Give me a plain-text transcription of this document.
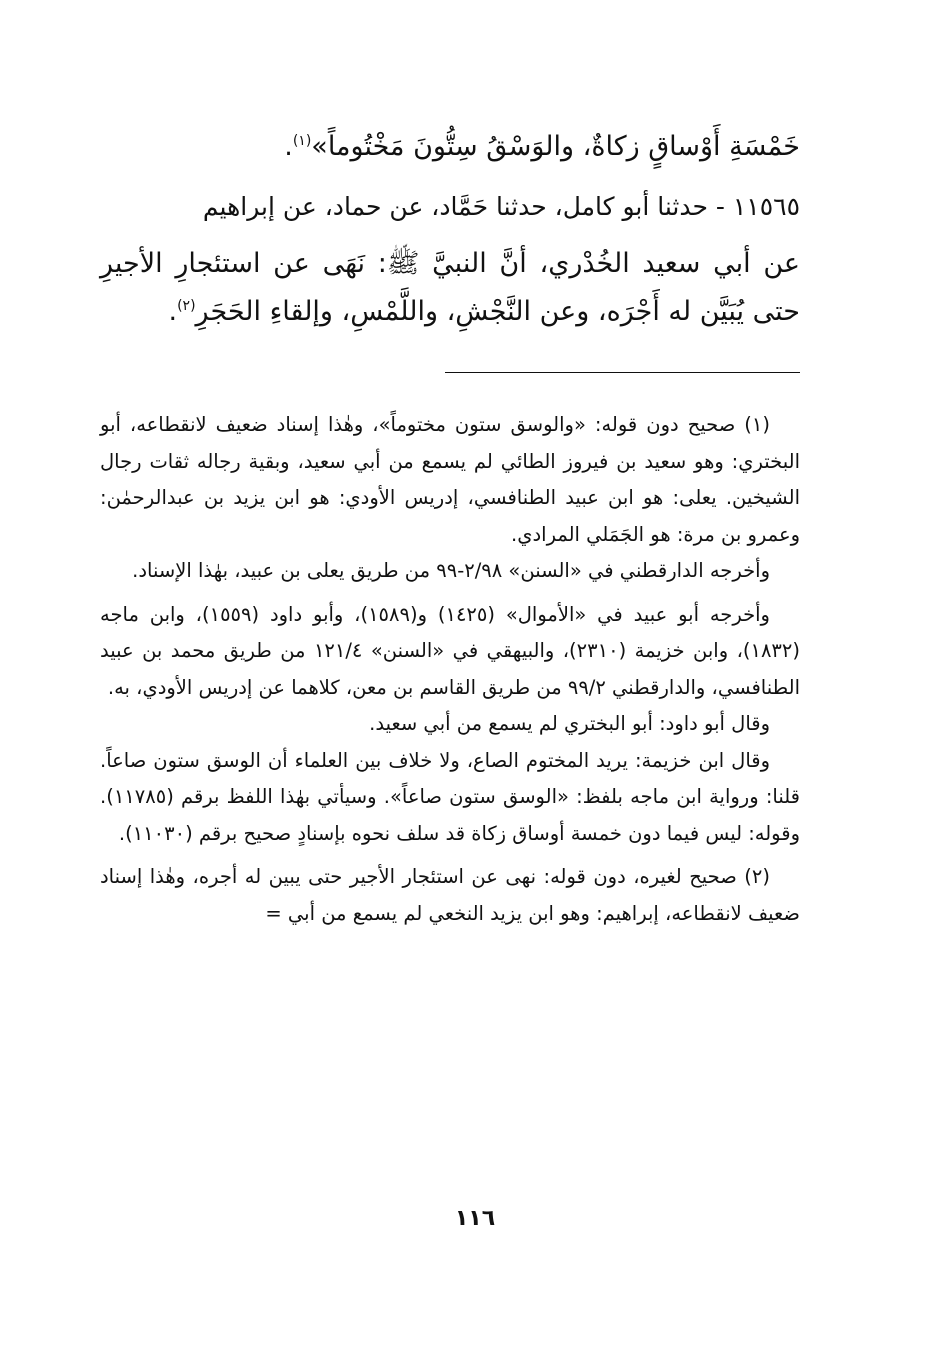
خَمْسَةِ أَوْساقٍ زكاةٌ، والوَسْقُ سِتُّونَ مَخْتُوماً»$^{(١)}$.

١١٥٦٥ - حدثنا أبو كامل، حدثنا حَمَّاد، عن حماد، عن إبراهيم

عن أبي سعيد الخُدْري، أنَّ النبيَّ ﷺ: نَهَى عن استئجارِ الأجيرِ حتى يُبَيَّن له أَجْرَه، وعن النَّجْشِ، واللَّمْسِ، وإلقاءِ الحَجَرِ$^{(٢)}$.

(١) صحيح دون قوله: «والوسق ستون مختوماً»، وهٰذا إسناد ضعيف لانقطاعه، أبو البختري: وهو سعيد بن فيروز الطائي لم يسمع من أبي سعيد، وبقية رجاله ثقات رجال الشيخين. يعلى: هو ابن عبيد الطنافسي، إدريس الأودي: هو ابن يزيد بن عبدالرحمٰن: وعمرو بن مرة: هو الجَمَلي المرادي.

وأخرجه الدارقطني في «السنن» ٢/٩٨-٩٩ من طريق يعلى بن عبيد، بهٰذا الإسناد.

وأخرجه أبو عبيد في «الأموال» (١٤٢٥) و(١٥٨٩)، وأبو داود (١٥٥٩)، وابن ماجه (١٨٣٢)، وابن خزيمة (٢٣١٠)، والبيهقي في «السنن» ١٢١/٤ من طريق محمد بن عبيد الطنافسي، والدارقطني ٩٩/٢ من طريق القاسم بن معن، كلاهما عن إدريس الأودي، به.

وقال أبو داود: أبو البختري لم يسمع من أبي سعيد.

وقال ابن خزيمة: يريد المختوم الصاع، ولا خلاف بين العلماء أن الوسق ستون صاعاً. قلنا: ورواية ابن ماجه بلفظ: «الوسق ستون صاعاً». وسيأتي بهٰذا اللفظ برقم (١١٧٨٥). وقوله: ليس فيما دون خمسة أوساق زكاة قد سلف نحوه بإسنادٍ صحيح برقم (١١٠٣٠).

(٢) صحيح لغيره، دون قوله: نهى عن استئجار الأجير حتى يبين له أجره، وهٰذا إسناد ضعيف لانقطاعه، إبراهيم: وهو ابن يزيد النخعي لم يسمع من أبي =

١١٦
